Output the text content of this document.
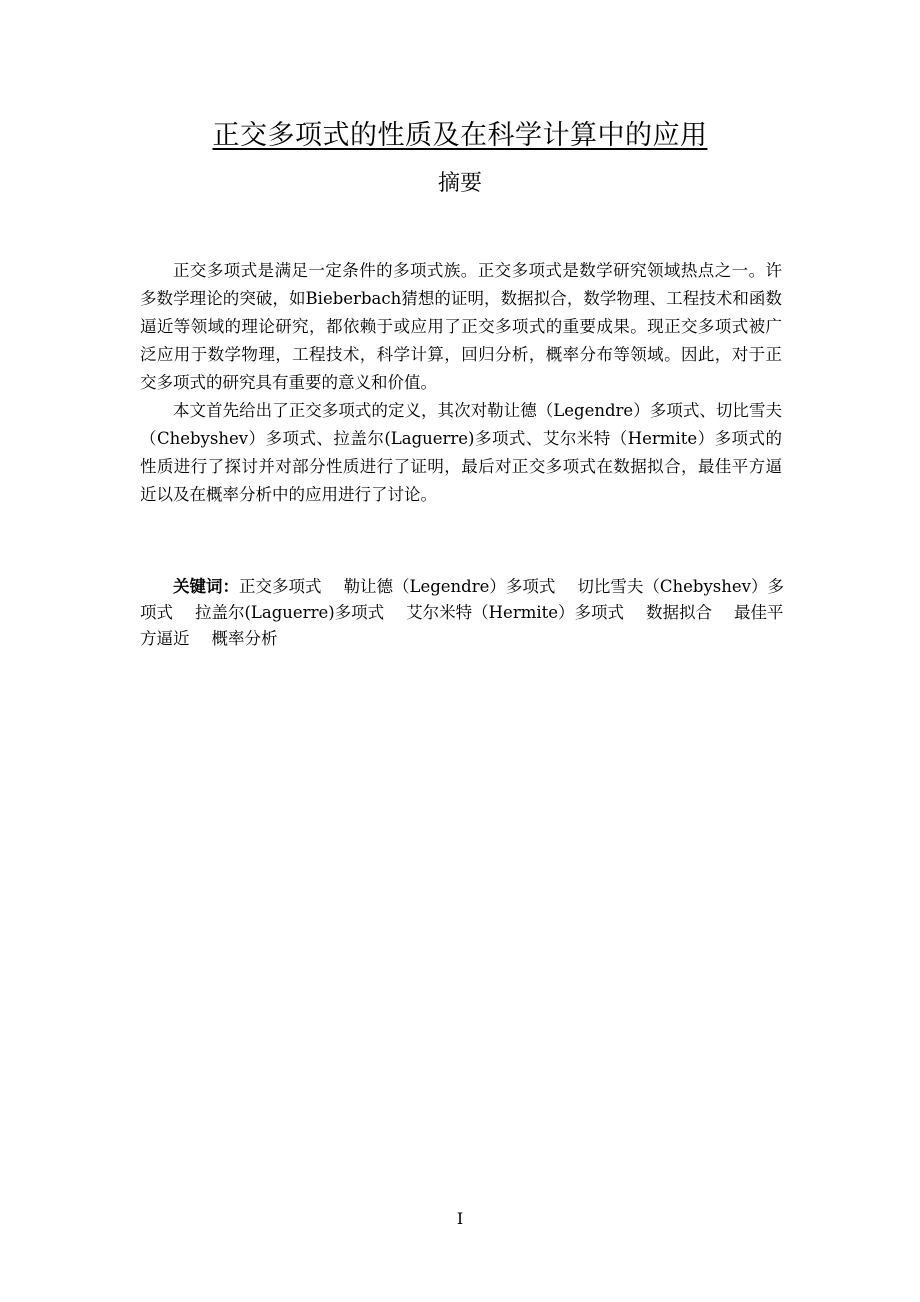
正交多项式的性质及在科学计算中的应用
摘要

正交多项式是满足一定条件的多项式族。正交多项式是数学研究领域热点之一。许多数学理论的突破，如Bieberbach猜想的证明，数据拟合，数学物理、工程技术和函数逼近等领域的理论研究，都依赖于或应用了正交多项式的重要成果。现正交多项式被广泛应用于数学物理，工程技术，科学计算，回归分析，概率分布等领域。因此，对于正交多项式的研究具有重要的意义和价值。

本文首先给出了正交多项式的定义，其次对勒让德（Legendre）多项式、切比雪夫（Chebyshev）多项式、拉盖尔(Laguerre)多项式、艾尔米特（Hermite）多项式的性质进行了探讨并对部分性质进行了证明，最后对正交多项式在数据拟合，最佳平方逼近以及在概率分析中的应用进行了讨论。

关键词：正交多项式 勒让德（Legendre）多项式 切比雪夫（Chebyshev）多项式 拉盖尔(Laguerre)多项式 艾尔米特（Hermite）多项式 数据拟合 最佳平方逼近 概率分析
I
